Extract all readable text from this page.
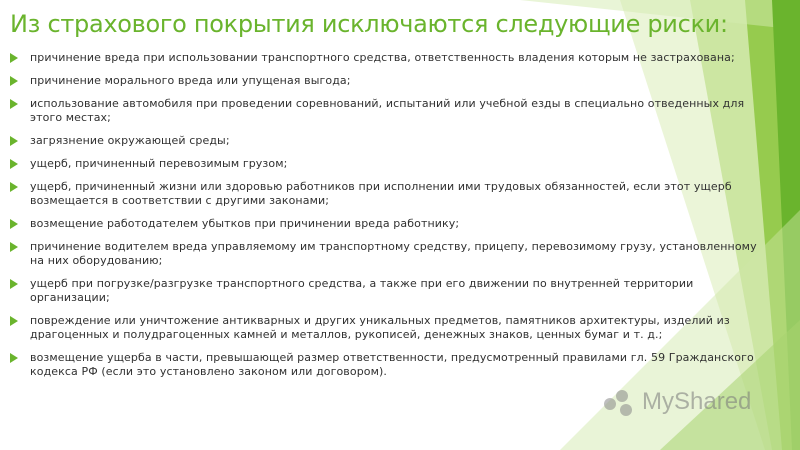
Из страхового покрытия исключаются следующие риски:
причинение вреда при использовании транспортного средства, ответственность владения которым не застрахована;
причинение морального вреда или упущеная выгода;
использование автомобиля при проведении соревнований, испытаний или учебной езды в специально отведенных для этого местах;
загрязнение окружающей среды;
ущерб, причиненный перевозимым грузом;
ущерб, причиненный жизни или здоровью работников при исполнении ими трудовых обязанностей, если этот ущерб возмещается в соответствии с другими законами;
возмещение работодателем убытков при причинении вреда работнику;
причинение водителем вреда управляемому им транспортному средству, прицепу, перевозимому грузу, установленному на них оборудованию;
ущерб при погрузке/разгрузке транспортного средства, а также при его движении по внутренней территории организации;
повреждение или уничтожение антикварных и других уникальных предметов, памятников архитектуры, изделий из драгоценных и полудрагоценных камней и металлов, рукописей, денежных знаков, ценных бумаг и т. д.;
возмещение ущерба в части, превышающей размер ответственности, предусмотренный правилами гл. 59 Гражданского кодекса РФ (если это установлено законом или договором).
MyShared
